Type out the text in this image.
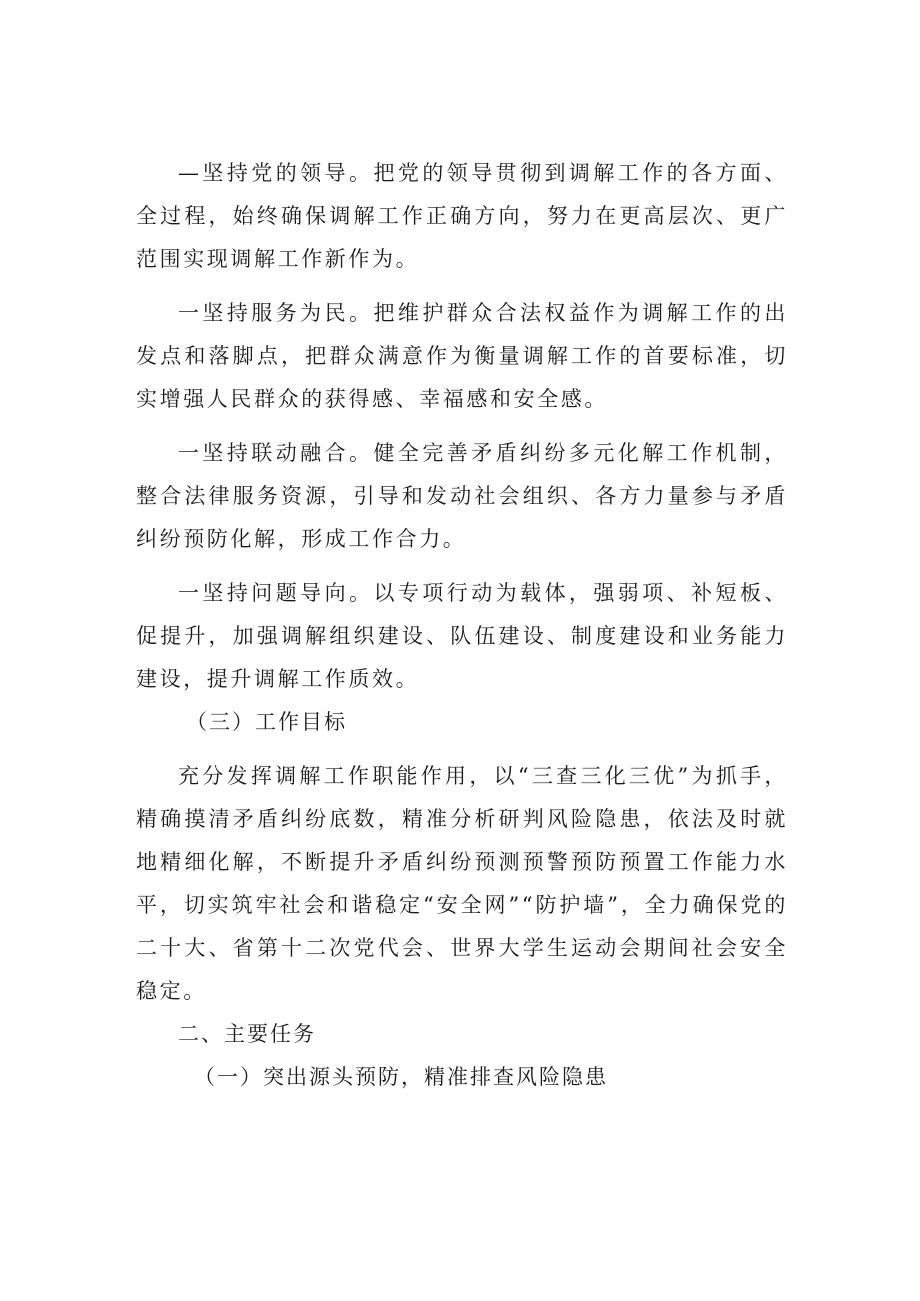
—坚持党的领导。把党的领导贯彻到调解工作的各方面、全过程，始终确保调解工作正确方向，努力在更高层次、更广范围实现调解工作新作为。

一坚持服务为民。把维护群众合法权益作为调解工作的出发点和落脚点，把群众满意作为衡量调解工作的首要标准，切实增强人民群众的获得感、幸福感和安全感。

一坚持联动融合。健全完善矛盾纠纷多元化解工作机制，整合法律服务资源，引导和发动社会组织、各方力量参与矛盾纠纷预防化解，形成工作合力。

一坚持问题导向。以专项行动为载体，强弱项、补短板、促提升，加强调解组织建设、队伍建设、制度建设和业务能力建设，提升调解工作质效。

（三）工作目标

充分发挥调解工作职能作用，以“三查三化三优”为抓手，精确摸清矛盾纠纷底数，精准分析研判风险隐患，依法及时就地精细化解，不断提升矛盾纠纷预测预警预防预置工作能力水平，切实筑牢社会和谐稳定“安全网”“防护墙”，全力确保党的二十大、省第十二次党代会、世界大学生运动会期间社会安全稳定。

二、主要任务

（一）突出源头预防，精准排查风险隐患
